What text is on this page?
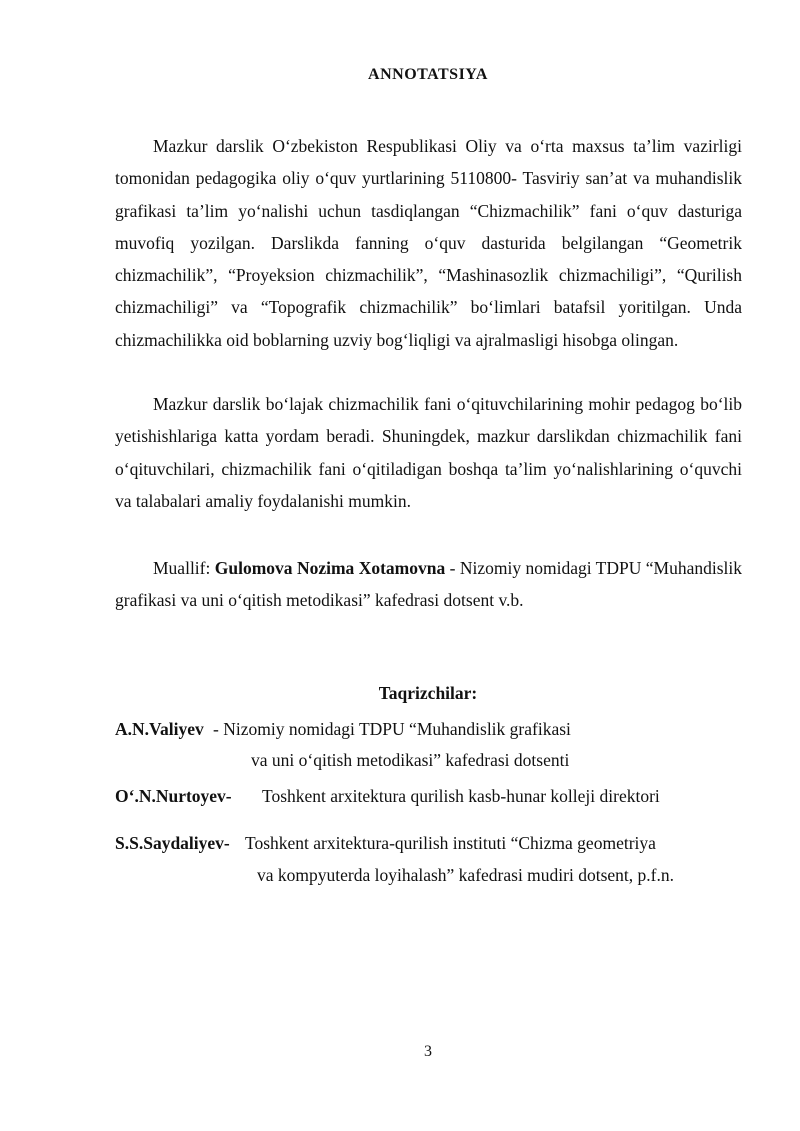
ANNOTATSIYA

Mazkur darslik O‘zbekiston Respublikasi Oliy va o‘rta maxsus ta’lim vazirligi tomonidan pedagogika oliy o‘quv yurtlarining 5110800- Tasviriy san’at va muhandislik grafikasi ta’lim yo‘nalishi uchun tasdiqlangan “Chizmachilik” fani o‘quv dasturiga muvofiq yozilgan. Darslikda fanning o‘quv dasturida belgilangan “Geometrik chizmachilik”, “Proyeksion chizmachilik”, “Mashinasozlik chizmachiligi”, “Qurilish chizmachiligi” va “Topografik chizmachilik” bo‘limlari batafsil yoritilgan. Unda chizmachilikka oid boblarning uzviy bog‘liqligi va ajralmasligi hisobga olingan.

Mazkur darslik bo‘lajak chizmachilik fani o‘qituvchilarining mohir pedagog bo‘lib yetishishlariga katta yordam beradi. Shuningdek, mazkur darslikdan chizmachilik fani o‘qituvchilari, chizmachilik fani o‘qitiladigan boshqa ta’lim yo‘nalishlarining o‘quvchi va talabalari amaliy foydalanishi mumkin.

Muallif: Gulomova Nozima Xotamovna - Nizomiy nomidagi TDPU “Muhandislik grafikasi va uni o‘qitish metodikasi” kafedrasi dotsent v.b.

Taqrizchilar:
A.N.Valiyev - Nizomiy nomidagi TDPU “Muhandislik grafikasi
va uni o‘qitish metodikasi” kafedrasi dotsenti
O‘.N.Nurtoyev- Toshkent arxitektura qurilish kasb-hunar kolleji direktori
S.S.Saydaliyev- Toshkent arxitektura-qurilish instituti “Chizma geometriya
va kompyuterda loyihalash” kafedrasi mudiri dotsent, p.f.n.
3
